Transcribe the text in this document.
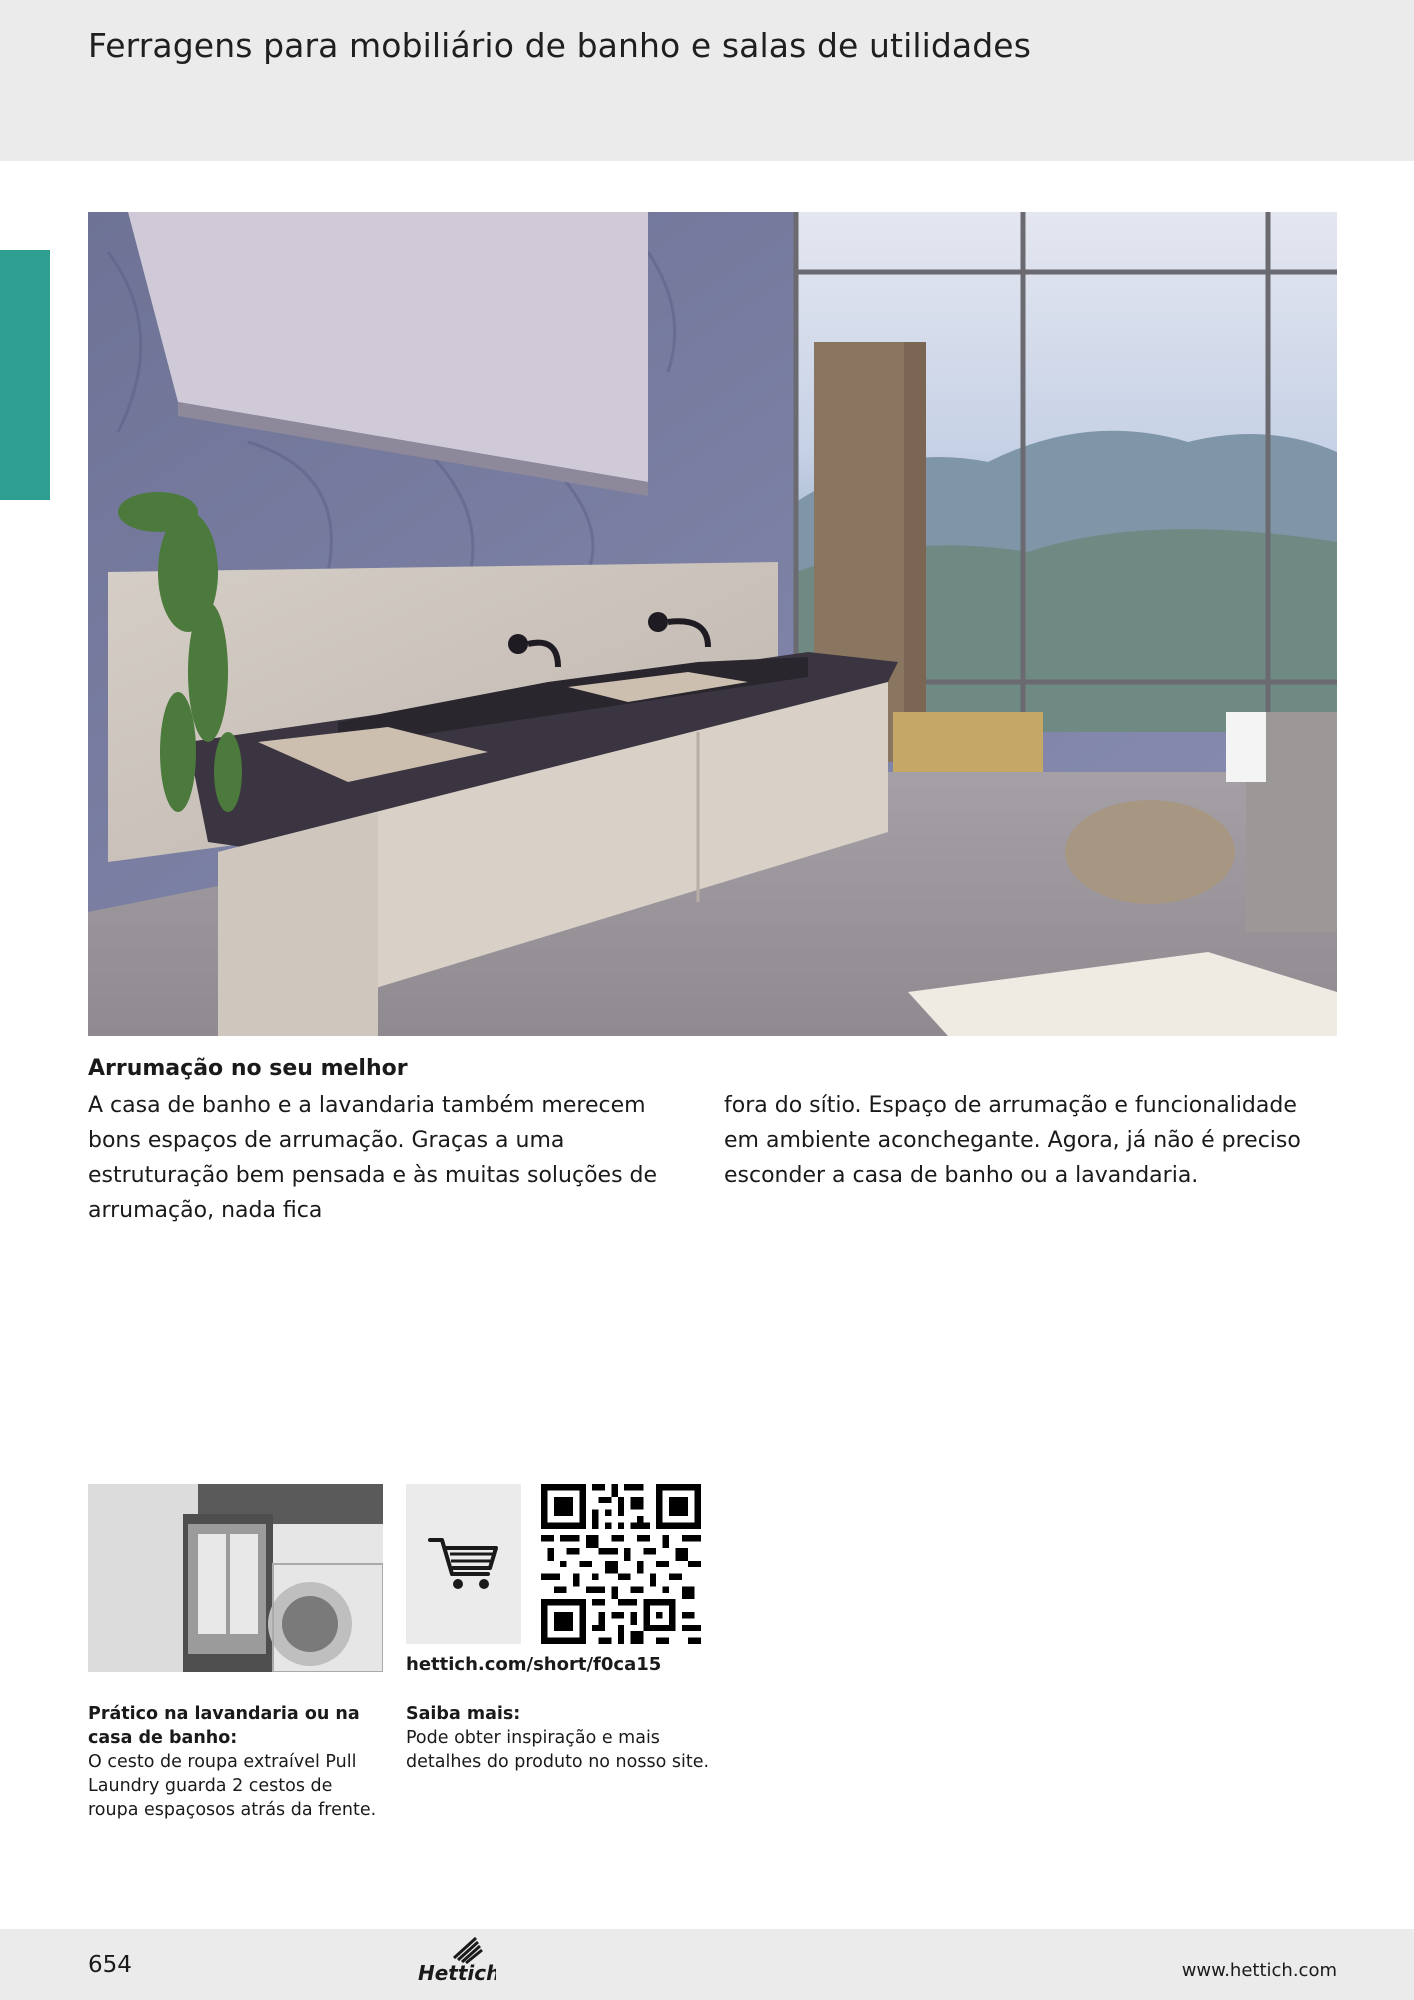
Ferragens para mobiliário de banho e salas de utilidades
Arrumação no seu melhor
A casa de banho e a lavandaria também merecem bons espaços de arrumação. Graças a uma estruturação bem pensada e às muitas soluções de arrumação, nada fica
fora do sítio. Espaço de arrumação e funcionalidade em ambiente aconchegante. Agora, já não é preciso esconder a casa de banho ou a lavandaria.
hettich.com/short/f0ca15
Prático na lavandaria ou na casa de banho:
O cesto de roupa extraível Pull Laundry guarda 2 cestos de roupa espaçosos atrás da frente.
Saiba mais:
Pode obter inspiração e mais detalhes do produto no nosso site.
654	Hettich	www.hettich.com
